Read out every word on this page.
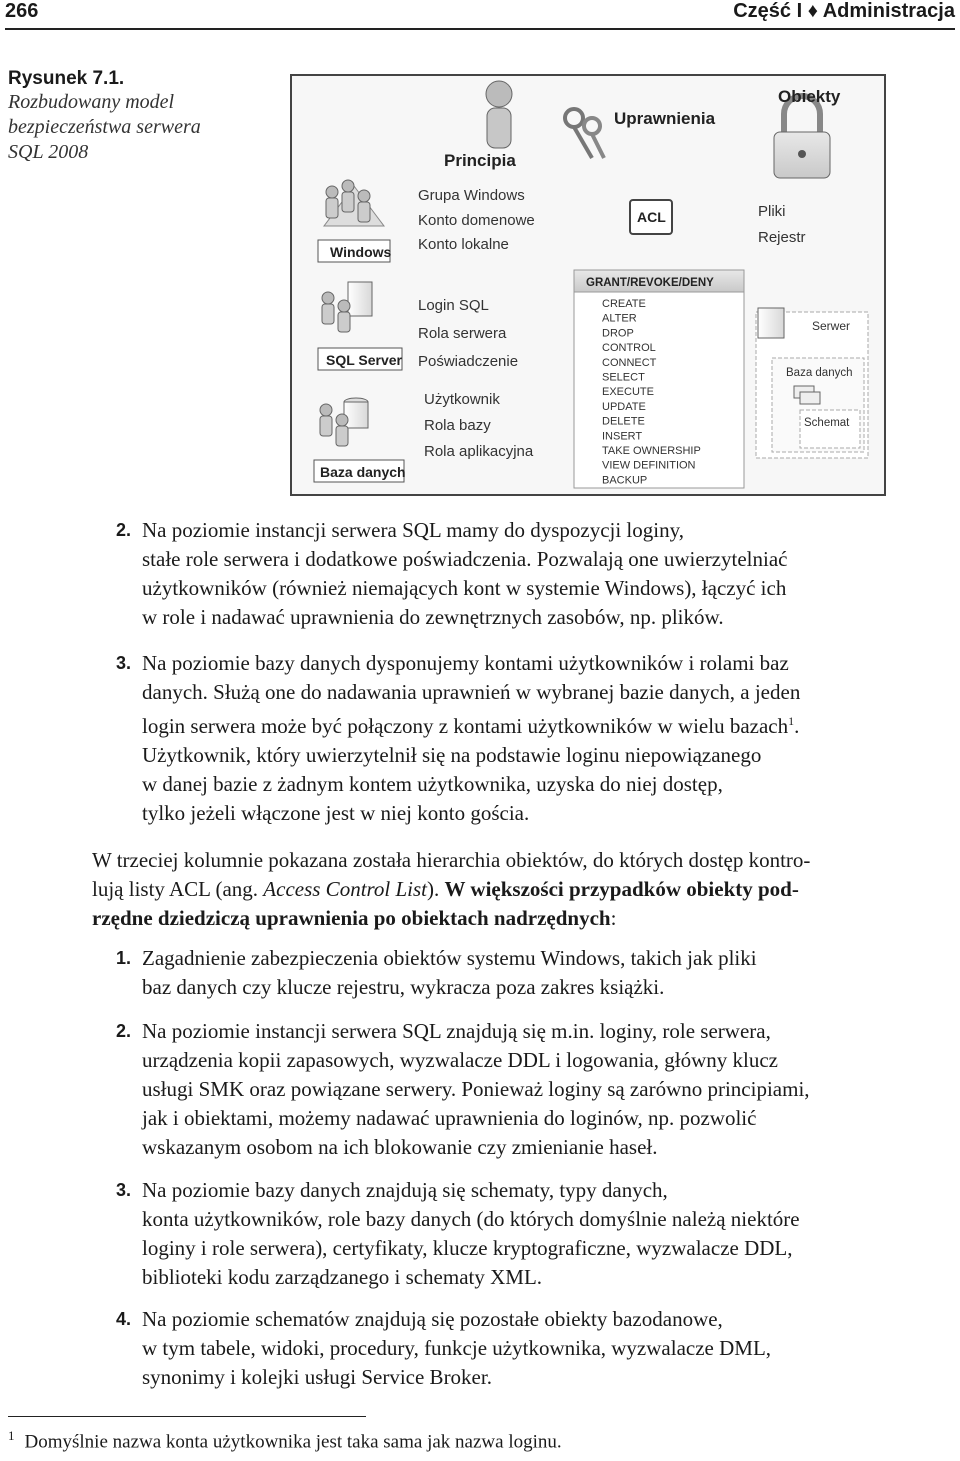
266	Część I ♦ Administracja
Rysunek 7.1.
Rozbudowany model bezpieczeństwa serwera SQL 2008	Principia
Uprawnienia
Obiekty
ACL
Windows
Grupa Windows
Konto domenowe
Konto lokalne
SQL Server
Login SQL
Rola serwera
Poświadczenie
Baza danych
Użytkownik
Rola bazy
Rola aplikacyjna
GRANT/REVOKE/DENY
CREATE
ALTER
DROP
CONTROL
CONNECT
SELECT
EXECUTE
UPDATE
DELETE
INSERT
TAKE OWNERSHIP
VIEW DEFINITION
BACKUP
Pliki
Rejestr
Serwer
Baza danych
Schemat
2. Na poziomie instancji serwera SQL mamy do dyspozycji loginy,
stałe role serwera i dodatkowe poświadczenia. Pozwalają one uwierzytelniać
użytkowników (również niemających kont w systemie Windows), łączyć ich
w role i nadawać uprawnienia do zewnętrznych zasobów, np. plików.
3. Na poziomie bazy danych dysponujemy kontami użytkowników i rolami baz
danych. Służą one do nadawania uprawnień w wybranej bazie danych, a jeden
login serwera może być połączony z kontami użytkowników w wielu bazach$^1$.
Użytkownik, który uwierzytelnił się na podstawie loginu niepowiązanego
w danej bazie z żadnym kontem użytkownika, uzyska do niej dostęp,
tylko jeżeli włączone jest w niej konto gościa.
W trzeciej kolumnie pokazana została hierarchia obiektów, do których dostęp kontro-
lują listy ACL (ang. Access Control List). W większości przypadków obiekty pod-
rzędne dziedziczą uprawnienia po obiektach nadrzędnych:
1. Zagadnienie zabezpieczenia obiektów systemu Windows, takich jak pliki
baz danych czy klucze rejestru, wykracza poza zakres książki.
2. Na poziomie instancji serwera SQL znajdują się m.in. loginy, role serwera,
urządzenia kopii zapasowych, wyzwalacze DDL i logowania, główny klucz
usługi SMK oraz powiązane serwery. Ponieważ loginy są zarówno principiami,
jak i obiektami, możemy nadawać uprawnienia do loginów, np. pozwolić
wskazanym osobom na ich blokowanie czy zmienianie haseł.
3. Na poziomie bazy danych znajdują się schematy, typy danych,
konta użytkowników, role bazy danych (do których domyślnie należą niektóre
loginy i role serwera), certyfikaty, klucze kryptograficzne, wyzwalacze DDL,
biblioteki kodu zarządzanego i schematy XML.
4. Na poziomie schematów znajdują się pozostałe obiekty bazodanowe,
w tym tabele, widoki, procedury, funkcje użytkownika, wyzwalacze DML,
synonimy i kolejki usługi Service Broker.
$^1$ Domyślnie nazwa konta użytkownika jest taka sama jak nazwa loginu.
